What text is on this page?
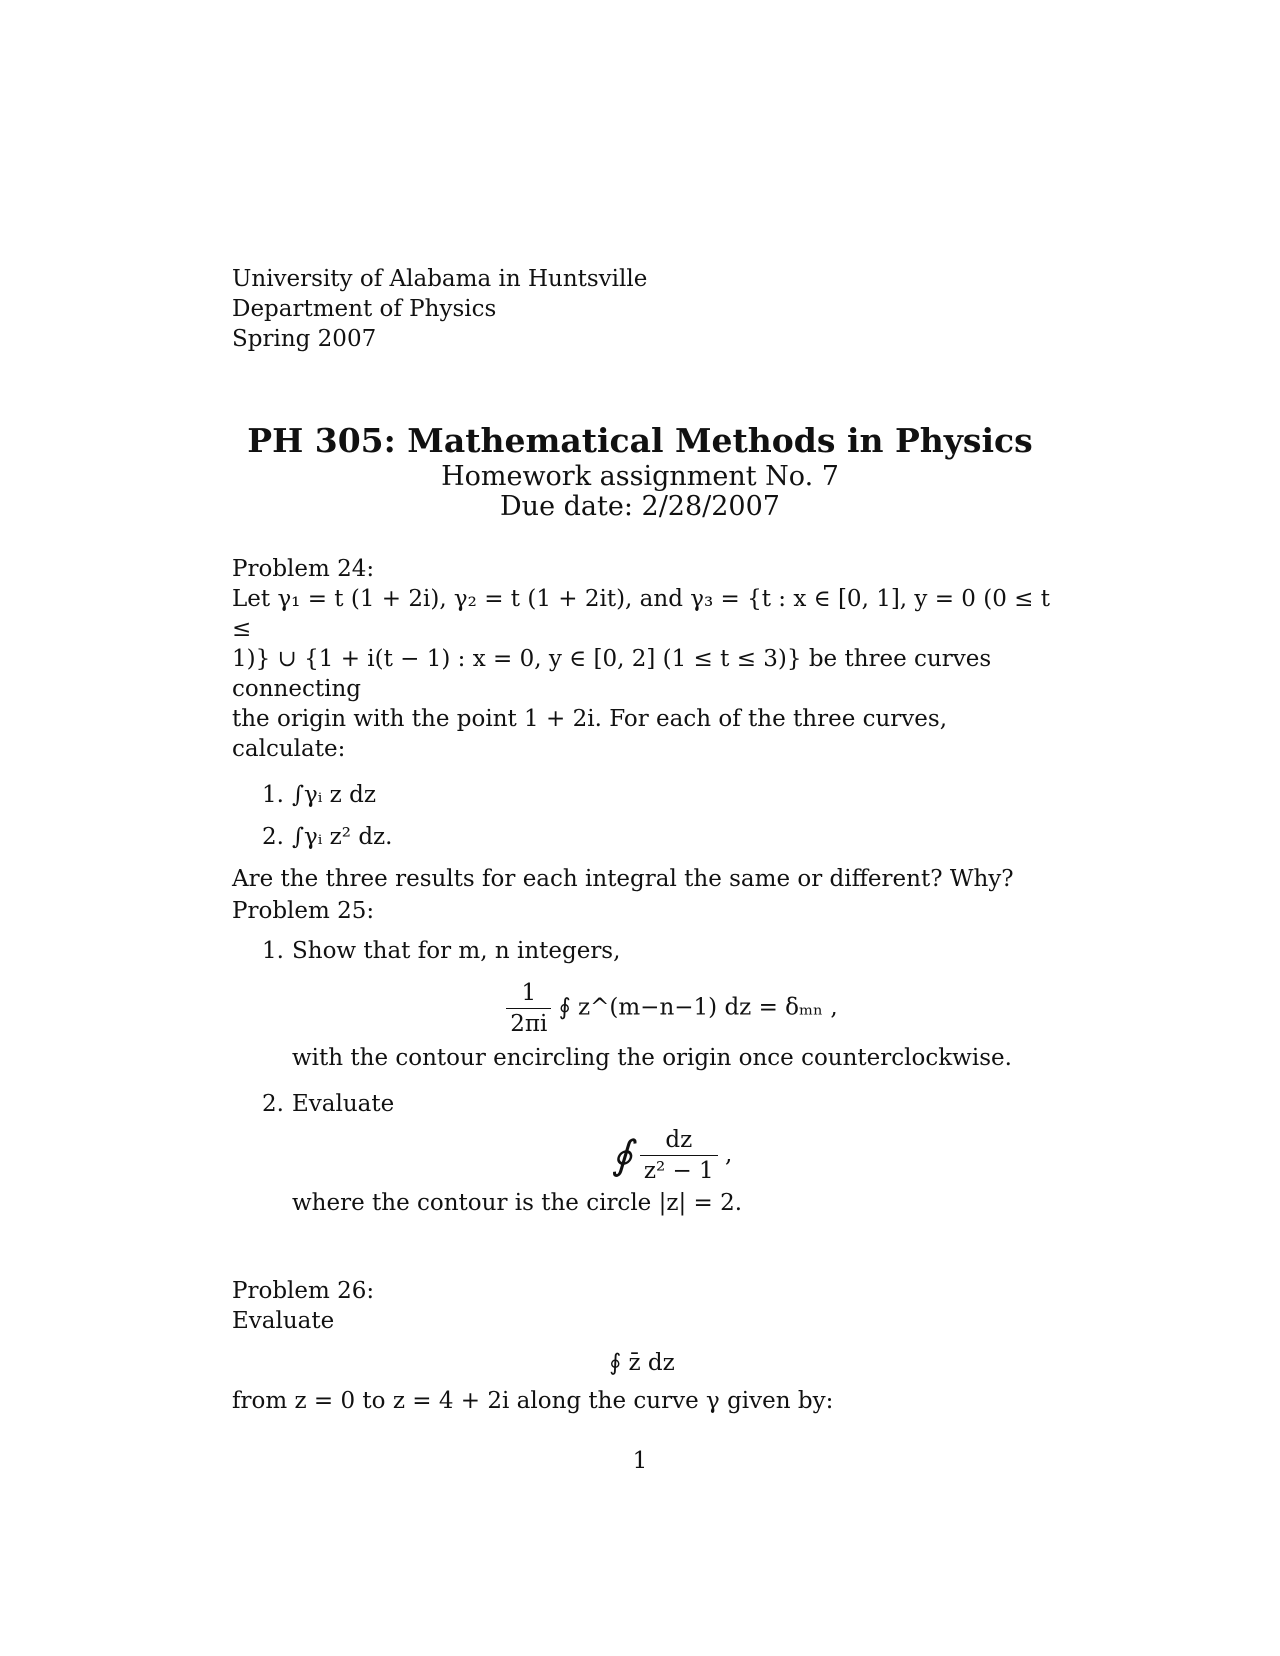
University of Alabama in Huntsville
Department of Physics
Spring 2007
PH 305: Mathematical Methods in Physics
Homework assignment No. 7
Due date: 2/28/2007
Problem 24:
Let γ₁ = t (1 + 2i), γ₂ = t (1 + 2it), and γ₃ = {t : x ∈ [0, 1], y = 0 (0 ≤ t ≤
1)} ∪ {1 + i(t − 1) : x = 0, y ∈ [0, 2] (1 ≤ t ≤ 3)} be three curves connecting
the origin with the point 1 + 2i. For each of the three curves, calculate:
1. ∫γᵢ z dz
2. ∫γᵢ z² dz.
Are the three results for each integral the same or different? Why?
Problem 25:
1. Show that for m, n integers,
$\frac{1}{2\pi i}$ ∮ z^(m−n−1) dz = δₘₙ ,
with the contour encircling the origin once counterclockwise.
2. Evaluate
∮ $\frac{dz}{\text{z² − 1}}$ ,
where the contour is the circle |z| = 2.
Problem 26:
Evaluate
∮ z̄ dz
from z = 0 to z = 4 + 2i along the curve γ given by:
1
